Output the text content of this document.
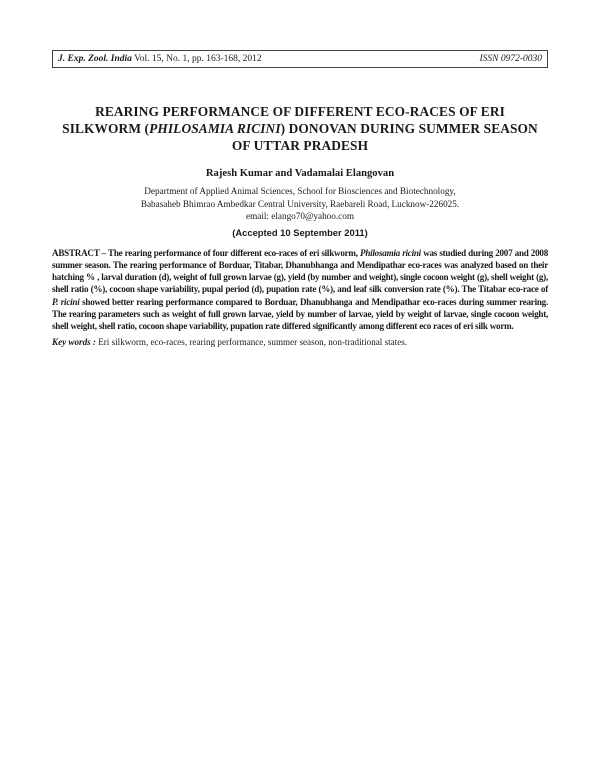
J. Exp. Zool. India Vol. 15, No. 1, pp. 163-168, 2012	ISSN 0972-0030
REARING PERFORMANCE OF DIFFERENT ECO-RACES OF ERI
SILKWORM (PHILOSAMIA RICINI) DONOVAN DURING SUMMER SEASON
OF UTTAR PRADESH
Rajesh Kumar and Vadamalai Elangovan
Department of Applied Animal Sciences, School for Biosciences and Biotechnology,
Babasaheb Bhimrao Ambedkar Central University, Raebareli Road, Lucknow-226025.
email: elango70@yahoo.com
(Accepted 10 September 2011)
ABSTRACT – The rearing performance of four different eco-races of eri silkworm, Philosamia ricini was studied during 2007 and 2008 summer season. The rearing performance of Borduar, Titabar, Dhanubhanga and Mendipathar eco-races was analyzed based on their hatching % , larval duration (d), weight of full grown larvae (g), yield (by number and weight), single cocoon weight (g), shell weight (g), shell ratio (%), cocoon shape variability, pupal period (d), pupation rate (%), and leaf silk conversion rate (%). The Titabar eco-race of P. ricini showed better rearing performance compared to Borduar, Dhanubhanga and Mendipathar eco-races during summer rearing. The rearing parameters such as weight of full grown larvae, yield by number of larvae, yield by weight of larvae, single cocoon weight, shell weight, shell ratio, cocoon shape variability, pupation rate differed significantly among different eco races of eri silk worm.
Key words : Eri silkworm, eco-races, rearing performance, summer season, non-traditional states.
